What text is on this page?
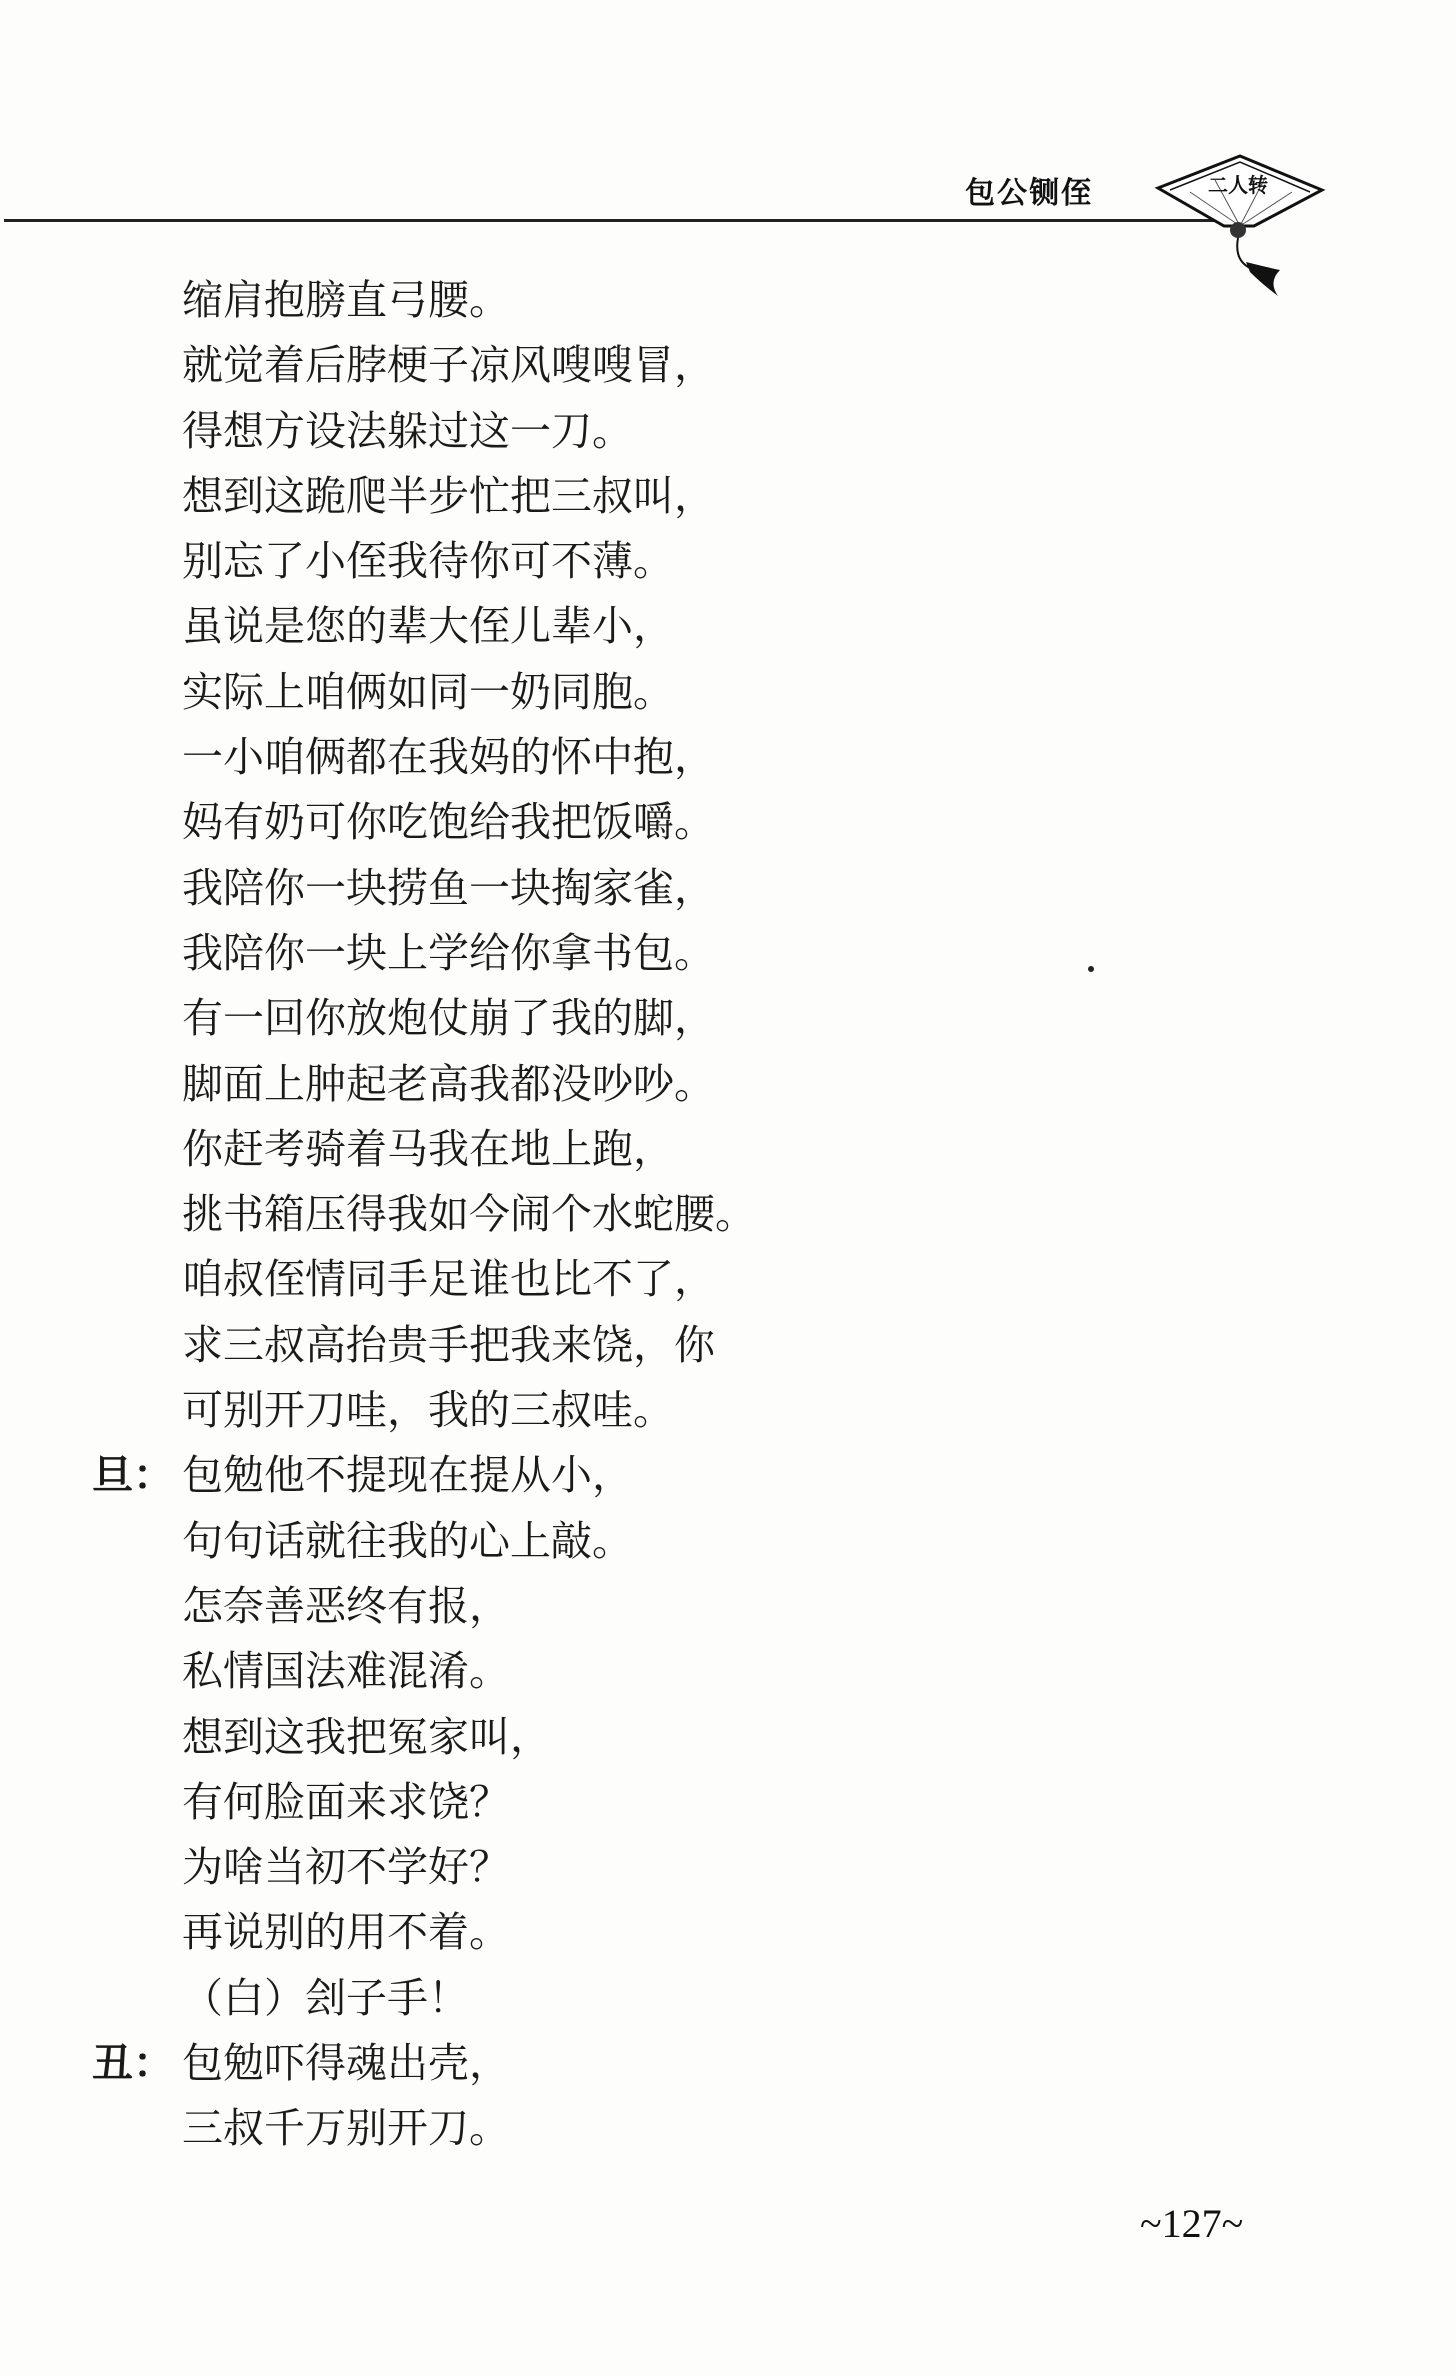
包公铡侄	二人转
缩肩抱膀直弓腰。
就觉着后脖梗子凉风嗖嗖冒，
得想方设法躲过这一刀。
想到这跪爬半步忙把三叔叫，
别忘了小侄我待你可不薄。
虽说是您的辈大侄儿辈小，
实际上咱俩如同一奶同胞。
一小咱俩都在我妈的怀中抱，
妈有奶可你吃饱给我把饭嚼。
我陪你一块捞鱼一块掏家雀，
我陪你一块上学给你拿书包。
有一回你放炮仗崩了我的脚，
脚面上肿起老高我都没吵吵。
你赶考骑着马我在地上跑，
挑书箱压得我如今闹个水蛇腰。
咱叔侄情同手足谁也比不了，
求三叔高抬贵手把我来饶，你
可别开刀哇，我的三叔哇。
旦： 包勉他不提现在提从小，
句句话就往我的心上敲。
怎奈善恶终有报，
私情国法难混淆。
想到这我把冤家叫，
有何脸面来求饶？
为啥当初不学好？
再说别的用不着。
（白）刽子手！
丑： 包勉吓得魂出壳，
三叔千万别开刀。
~127~
